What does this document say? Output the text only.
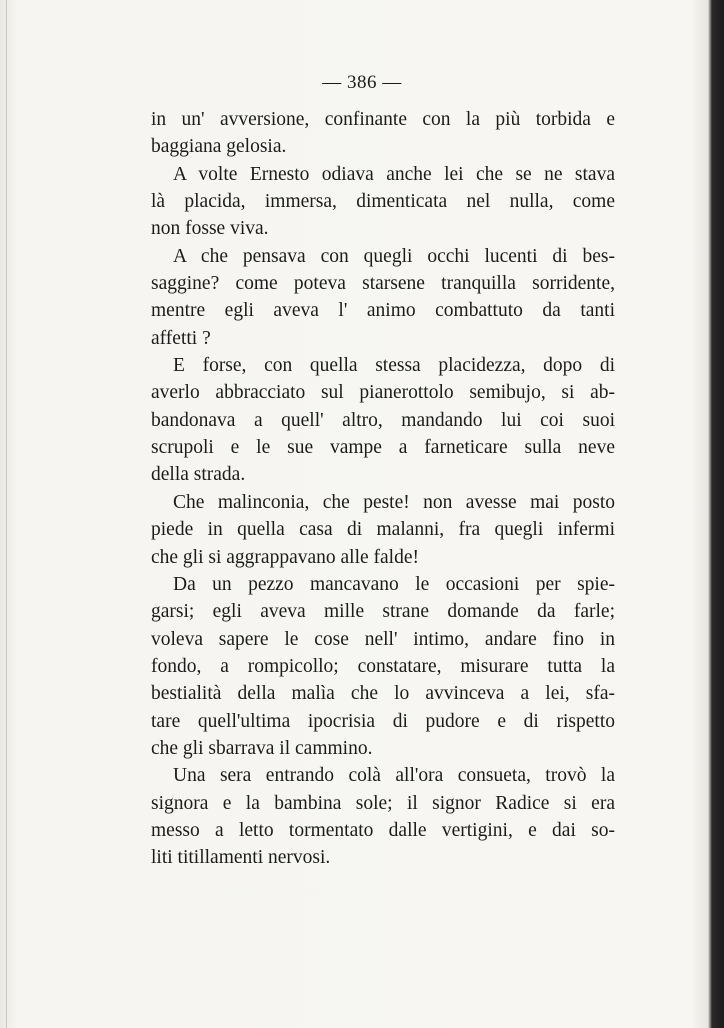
— 386 —
in un' avversione, confinante con la più torbida e
baggiana gelosia.
A volte Ernesto odiava anche lei che se ne stava
là placida, immersa, dimenticata nel nulla, come
non fosse viva.
A che pensava con quegli occhi lucenti di bes-
saggine? come poteva starsene tranquilla sorridente,
mentre egli aveva l' animo combattuto da tanti
affetti ?
E forse, con quella stessa placidezza, dopo di
averlo abbracciato sul pianerottolo semibujo, si ab-
bandonava a quell' altro, mandando lui coi suoi
scrupoli e le sue vampe a farneticare sulla neve
della strada.
Che malinconia, che peste! non avesse mai posto
piede in quella casa di malanni, fra quegli infermi
che gli si aggrappavano alle falde!
Da un pezzo mancavano le occasioni per spie-
garsi; egli aveva mille strane domande da farle;
voleva sapere le cose nell' intimo, andare fino in
fondo, a rompicollo; constatare, misurare tutta la
bestialità della malìa che lo avvinceva a lei, sfa-
tare quell'ultima ipocrisia di pudore e di rispetto
che gli sbarrava il cammino.
Una sera entrando colà all'ora consueta, trovò la
signora e la bambina sole; il signor Radice si era
messo a letto tormentato dalle vertigini, e dai so-
liti titillamenti nervosi.
